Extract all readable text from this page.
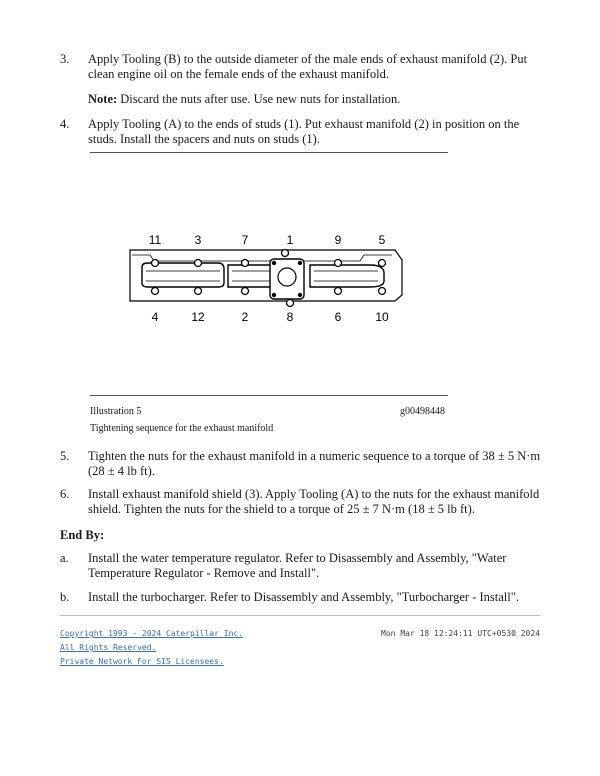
3. Apply Tooling (B) to the outside diameter of the male ends of exhaust manifold (2). Put clean engine oil on the female ends of the exhaust manifold.
Note: Discard the nuts after use. Use new nuts for installation.
4. Apply Tooling (A) to the ends of studs (1). Put exhaust manifold (2) in position on the studs. Install the spacers and nuts on studs (1).
11	3	7	1	9	5
4	12	2	8	6	10
Illustration 5	g00498448
Tightening sequence for the exhaust manifold
5. Tighten the nuts for the exhaust manifold in a numeric sequence to a torque of 38 ± 5 N·m (28 ± 4 lb ft).
6. Install exhaust manifold shield (3). Apply Tooling (A) to the nuts for the exhaust manifold shield. Tighten the nuts for the shield to a torque of 25 ± 7 N·m (18 ± 5 lb ft).
End By:
a. Install the water temperature regulator. Refer to Disassembly and Assembly, "Water Temperature Regulator - Remove and Install".
b. Install the turbocharger. Refer to Disassembly and Assembly, "Turbocharger - Install".
Copyright 1993 - 2024 Caterpillar Inc.
All Rights Reserved.
Private Network For SIS Licensees.
Mon Mar 18 12:24:11 UTC+0530 2024
